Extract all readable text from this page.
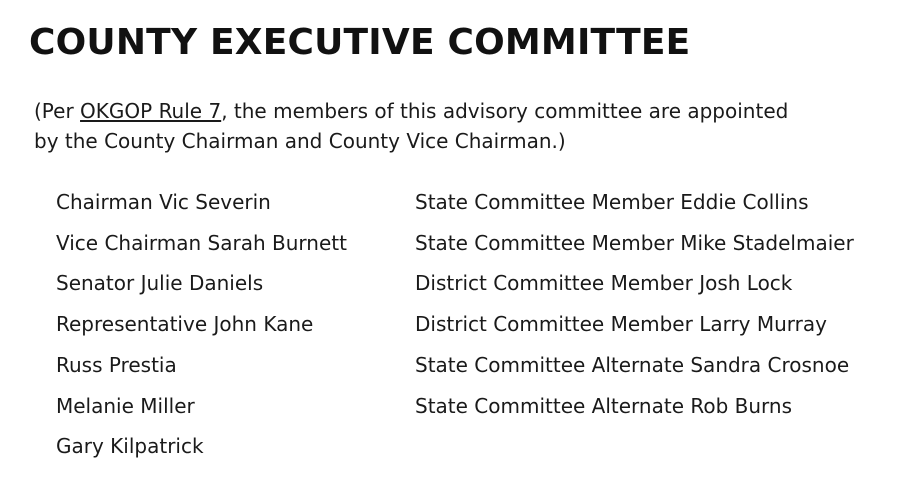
COUNTY EXECUTIVE COMMITTEE

(Per OKGOP Rule 7, the members of this advisory committee are appointed
by the County Chairman and County Vice Chairman.)

Chairman Vic Severin
Vice Chairman Sarah Burnett
Senator Julie Daniels
Representative John Kane
Russ Prestia
Melanie Miller
Gary Kilpatrick
State Committee Member Eddie Collins
State Committee Member Mike Stadelmaier
District Committee Member Josh Lock
District Committee Member Larry Murray
State Committee Alternate Sandra Crosnoe
State Committee Alternate Rob Burns
